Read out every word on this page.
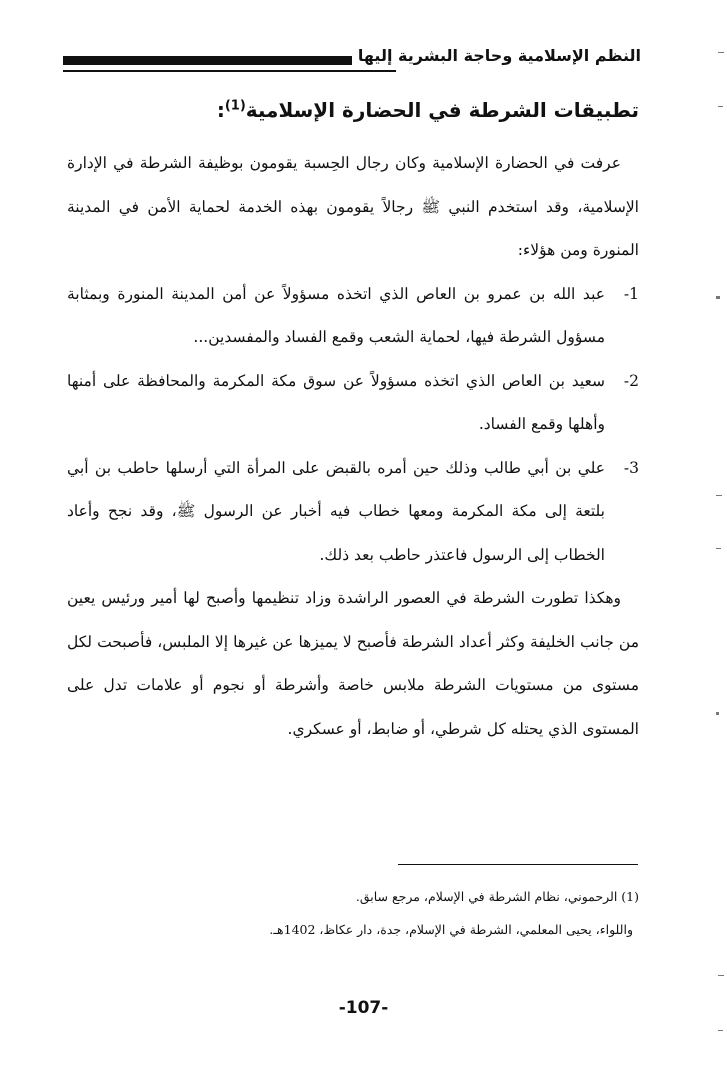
النظم الإسلامية وحاجة البشرية إليها
تطبيقات الشرطة في الحضارة الإسلامية$^{(1)}$:

عرفت في الحضارة الإسلامية وكان رجال الحِسبة يقومون بوظيفة الشرطة في الإدارة الإسلامية، وقد استخدم النبي ﷺ رجالاً يقومون بهذه الخدمة لحماية الأمن في المدينة المنورة ومن هؤلاء:

1-
عبد الله بن عمرو بن العاص الذي اتخذه مسؤولاً عن أمن المدينة المنورة وبمثابة مسؤول الشرطة فيها، لحماية الشعب وقمع الفساد والمفسدين...
2-
سعيد بن العاص الذي اتخذه مسؤولاً عن سوق مكة المكرمة والمحافظة على أمنها وأهلها وقمع الفساد.
3-
علي بن أبي طالب وذلك حين أمره بالقبض على المرأة التي أرسلها حاطب بن أبي بلتعة إلى مكة المكرمة ومعها خطاب فيه أخبار عن الرسول ﷺ، وقد نجح وأعاد الخطاب إلى الرسول فاعتذر حاطب بعد ذلك.

وهكذا تطورت الشرطة في العصور الراشدة وزاد تنظيمها وأصبح لها أمير ورئيس يعين من جانب الخليفة وكثر أعداد الشرطة فأصبح لا يميزها عن غيرها إلا الملبس، فأصبحت لكل مستوى من مستويات الشرطة ملابس خاصة وأشرطة أو نجوم أو علامات تدل على المستوى الذي يحتله كل شرطي، أو ضابط، أو عسكري.

(1) الرحموني، نظام الشرطة في الإسلام، مرجع سابق.

واللواء، يحيى المعلمي، الشرطة في الإسلام، جدة، دار عكاظ، 1402هـ.

-107-
